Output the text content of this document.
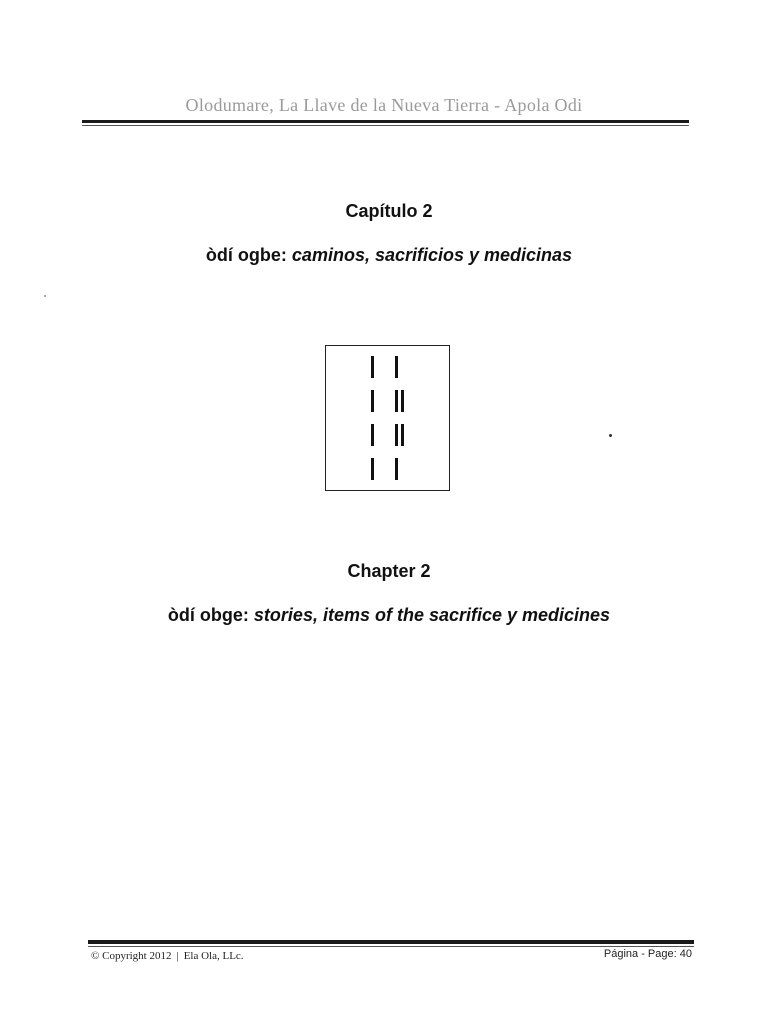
Olodumare, La Llave de la Nueva Tierra - Apola Odi
Capítulo 2
òdí ogbe: caminos, sacrificios y medicinas
Chapter 2
òdí obge: stories, items of the sacrifice y medicines
© Copyright 2012 | Ela Ola, LLc.	Página - Page: 40
